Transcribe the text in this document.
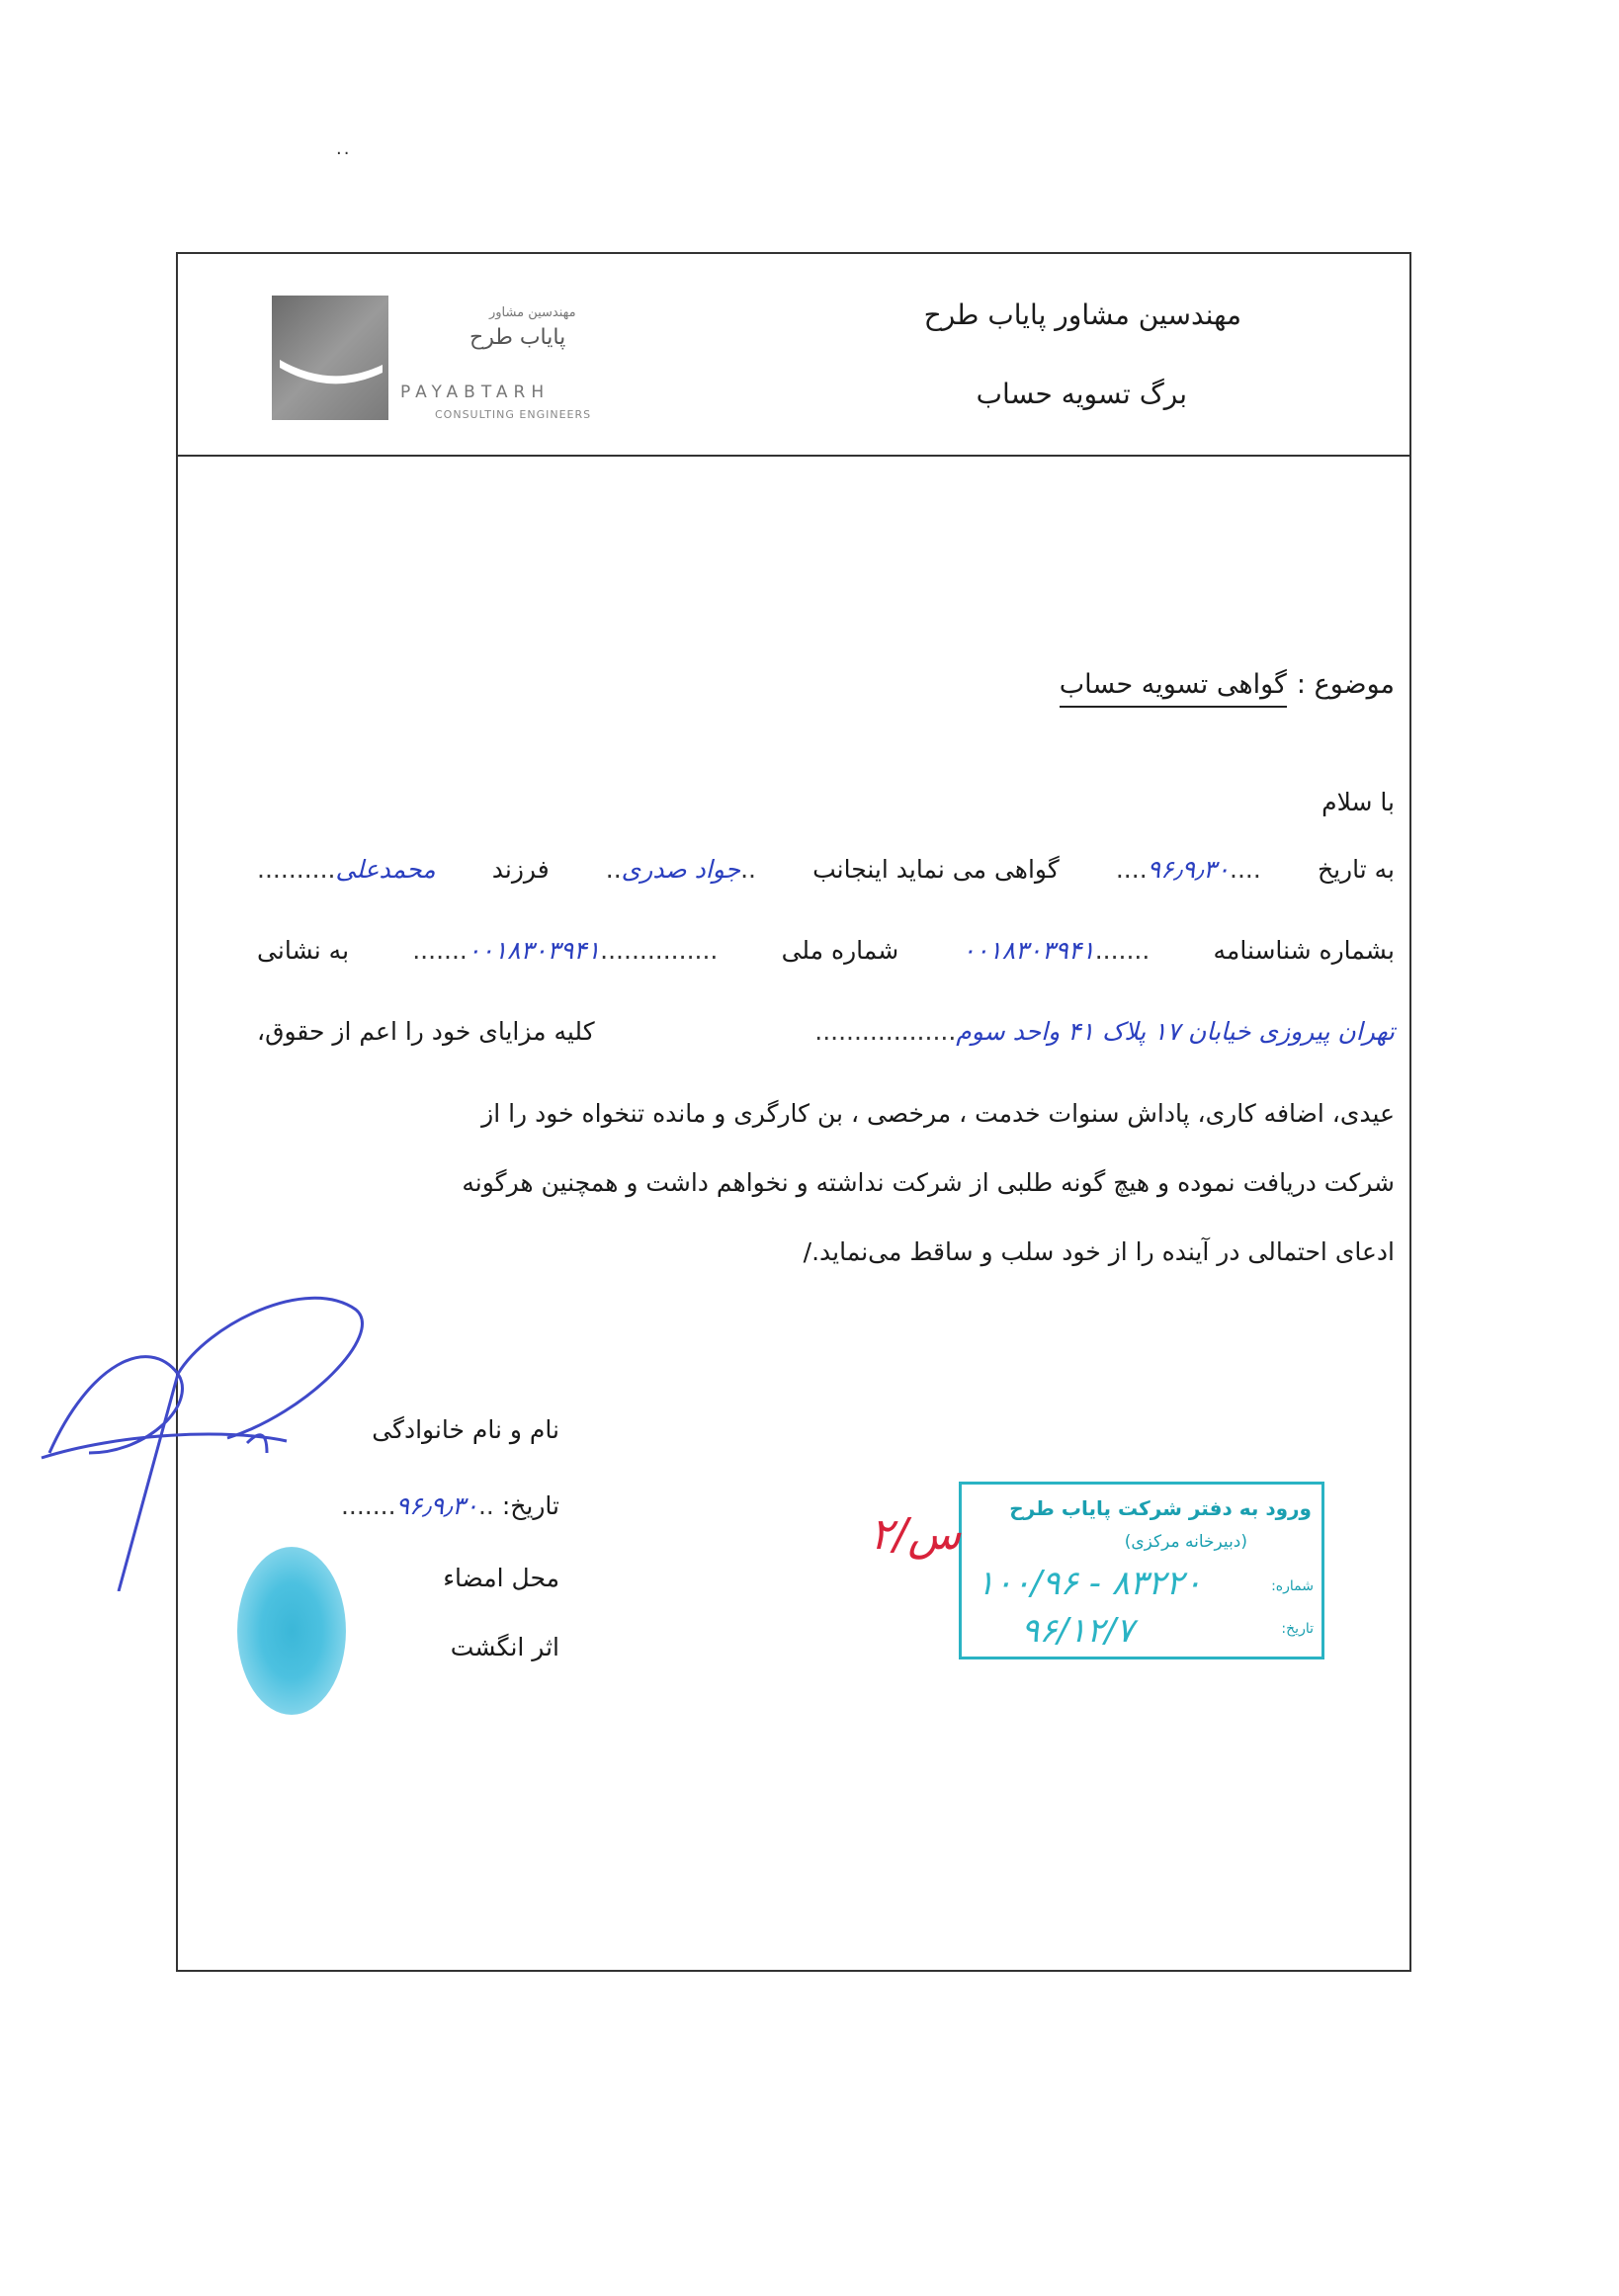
..
مهندسین مشاور پایاب طرح
برگ تسویه حساب
مهندسین مشاور
پایاب طرح
PAYABTARH
CONSULTING ENGINEERS
موضوع :
گواهی تسویه حساب
با سلام
به تاریخ
....۹۶٫۹٫۳۰....
گواهی می نماید اینجانب
..جواد صدری..
فرزند
محمدعلی..........
بشماره شناسنامه
.......۰۰۱۸۳۰۳۹۴۱
شماره ملی
...............۰۰۱۸۳۰۳۹۴۱.......
به نشانی
تهران پیروزی خیابان ۱۷ پلاک ۴۱ واحد سوم..................
کلیه مزایای خود را اعم از حقوق،
عیدی، اضافه کاری، پاداش سنوات خدمت ، مرخصی ، بن کارگری و مانده تنخواه خود را از
شرکت دریافت نموده و هیچ گونه طلبی از شرکت نداشته و نخواهم داشت و همچنین هرگونه
ادعای احتمالی در آینده را از خود سلب و ساقط می‌نماید./
نام و نام خانوادگی
تاریخ: ..۹۶٫۹٫۳۰.......
محل امضاء
اثر انگشت
ورود به دفتر شرکت پایاب طرح
(دبیرخانه مرکزی)
شماره:
۱۰۰/۹۶ - ۸۳۲۲۰
تاریخ:
۹۶/۱۲/۷
۲/س
